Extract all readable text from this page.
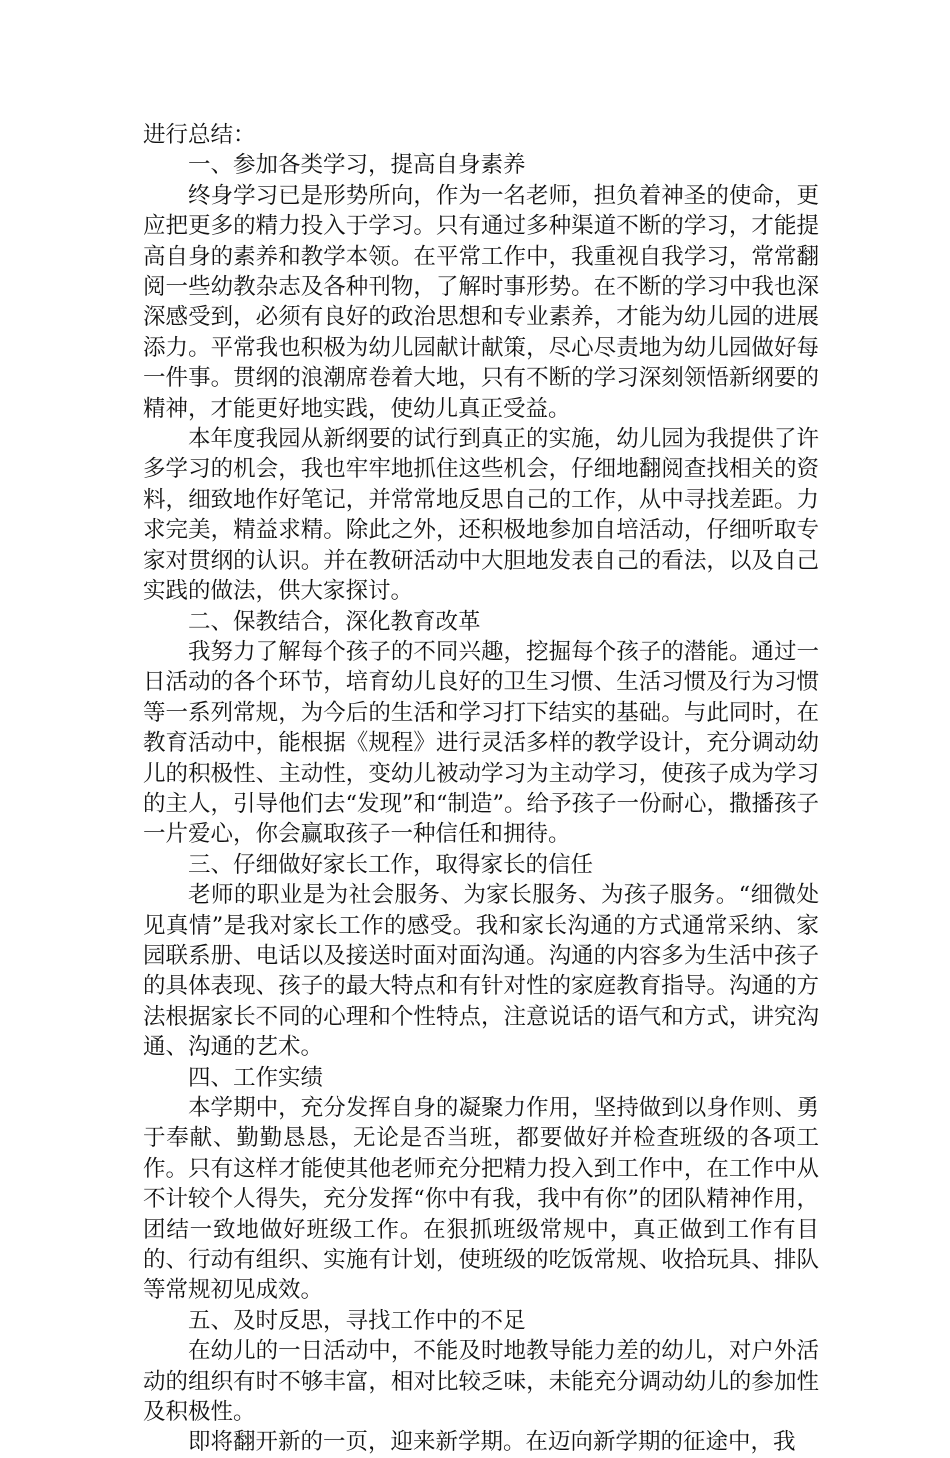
进行总结：

一、参加各类学习，提高自身素养

终身学习已是形势所向，作为一名老师，担负着神圣的使命，更应把更多的精力投入于学习。只有通过多种渠道不断的学习，才能提高自身的素养和教学本领。在平常工作中，我重视自我学习，常常翻阅一些幼教杂志及各种刊物，了解时事形势。在不断的学习中我也深深感受到，必须有良好的政治思想和专业素养，才能为幼儿园的进展添力。平常我也积极为幼儿园献计献策，尽心尽责地为幼儿园做好每一件事。贯纲的浪潮席卷着大地，只有不断的学习深刻领悟新纲要的精神，才能更好地实践，使幼儿真正受益。

本年度我园从新纲要的试行到真正的实施，幼儿园为我提供了许多学习的机会，我也牢牢地抓住这些机会，仔细地翻阅查找相关的资料，细致地作好笔记，并常常地反思自己的工作，从中寻找差距。力求完美，精益求精。除此之外，还积极地参加自培活动，仔细听取专家对贯纲的认识。并在教研活动中大胆地发表自己的看法，以及自己实践的做法，供大家探讨。

二、保教结合，深化教育改革

我努力了解每个孩子的不同兴趣，挖掘每个孩子的潜能。通过一日活动的各个环节，培育幼儿良好的卫生习惯、生活习惯及行为习惯等一系列常规，为今后的生活和学习打下结实的基础。与此同时，在教育活动中，能根据《规程》进行灵活多样的教学设计，充分调动幼儿的积极性、主动性，变幼儿被动学习为主动学习，使孩子成为学习的主人，引导他们去“发现”和“制造”。给予孩子一份耐心，撒播孩子一片爱心，你会赢取孩子一种信任和拥待。

三、仔细做好家长工作，取得家长的信任

老师的职业是为社会服务、为家长服务、为孩子服务。“细微处见真情”是我对家长工作的感受。我和家长沟通的方式通常采纳、家园联系册、电话以及接送时面对面沟通。沟通的内容多为生活中孩子的具体表现、孩子的最大特点和有针对性的家庭教育指导。沟通的方法根据家长不同的心理和个性特点，注意说话的语气和方式，讲究沟通、沟通的艺术。

四、工作实绩

本学期中，充分发挥自身的凝聚力作用，坚持做到以身作则、勇于奉献、勤勤恳恳，无论是否当班，都要做好并检查班级的各项工作。只有这样才能使其他老师充分把精力投入到工作中，在工作中从不计较个人得失，充分发挥“你中有我，我中有你”的团队精神作用，团结一致地做好班级工作。在狠抓班级常规中，真正做到工作有目的、行动有组织、实施有计划，使班级的吃饭常规、收拾玩具、排队等常规初见成效。

五、及时反思，寻找工作中的不足

在幼儿的一日活动中，不能及时地教导能力差的幼儿，对户外活动的组织有时不够丰富，相对比较乏味，未能充分调动幼儿的参加性及积极性。

即将翻开新的一页，迎来新学期。在迈向新学期的征途中，我
